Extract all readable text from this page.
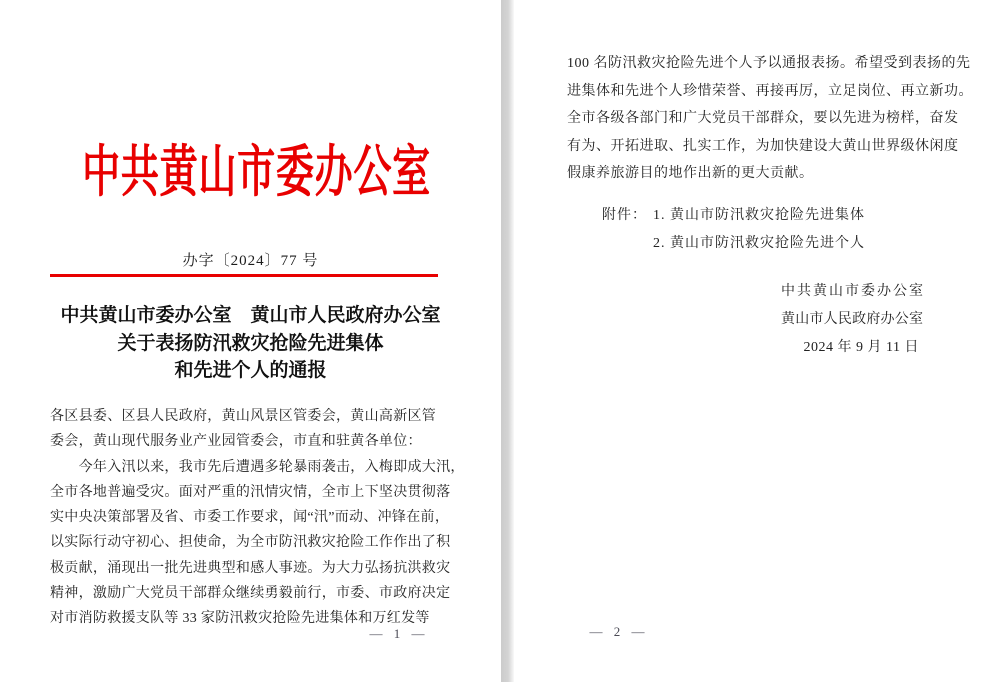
中共黄山市委办公室
办字〔2024〕77 号
中共黄山市委办公室　黄山市人民政府办公室
关于表扬防汛救灾抢险先进集体
和先进个人的通报
各区县委、区县人民政府，黄山风景区管委会，黄山高新区管
委会，黄山现代服务业产业园管委会，市直和驻黄各单位：
　　今年入汛以来，我市先后遭遇多轮暴雨袭击，入梅即成大汛，
全市各地普遍受灾。面对严重的汛情灾情，全市上下坚决贯彻落
实中央决策部署及省、市委工作要求，闻“汛”而动、冲锋在前，
以实际行动守初心、担使命，为全市防汛救灾抢险工作作出了积
极贡献，涌现出一批先进典型和感人事迹。为大力弘扬抗洪救灾
精神，激励广大党员干部群众继续勇毅前行，市委、市政府决定
对市消防救援支队等 33 家防汛救灾抢险先进集体和万红发等
— 1 —
100 名防汛救灾抢险先进个人予以通报表扬。希望受到表扬的先
进集体和先进个人珍惜荣誉、再接再厉，立足岗位、再立新功。
全市各级各部门和广大党员干部群众，要以先进为榜样，奋发
有为、开拓进取、扎实工作，为加快建设大黄山世界级休闲度
假康养旅游目的地作出新的更大贡献。
附件： 1. 黄山市防汛救灾抢险先进集体
2. 黄山市防汛救灾抢险先进个人
中共黄山市委办公室
黄山市人民政府办公室
2024 年 9 月 11 日
— 2 —
